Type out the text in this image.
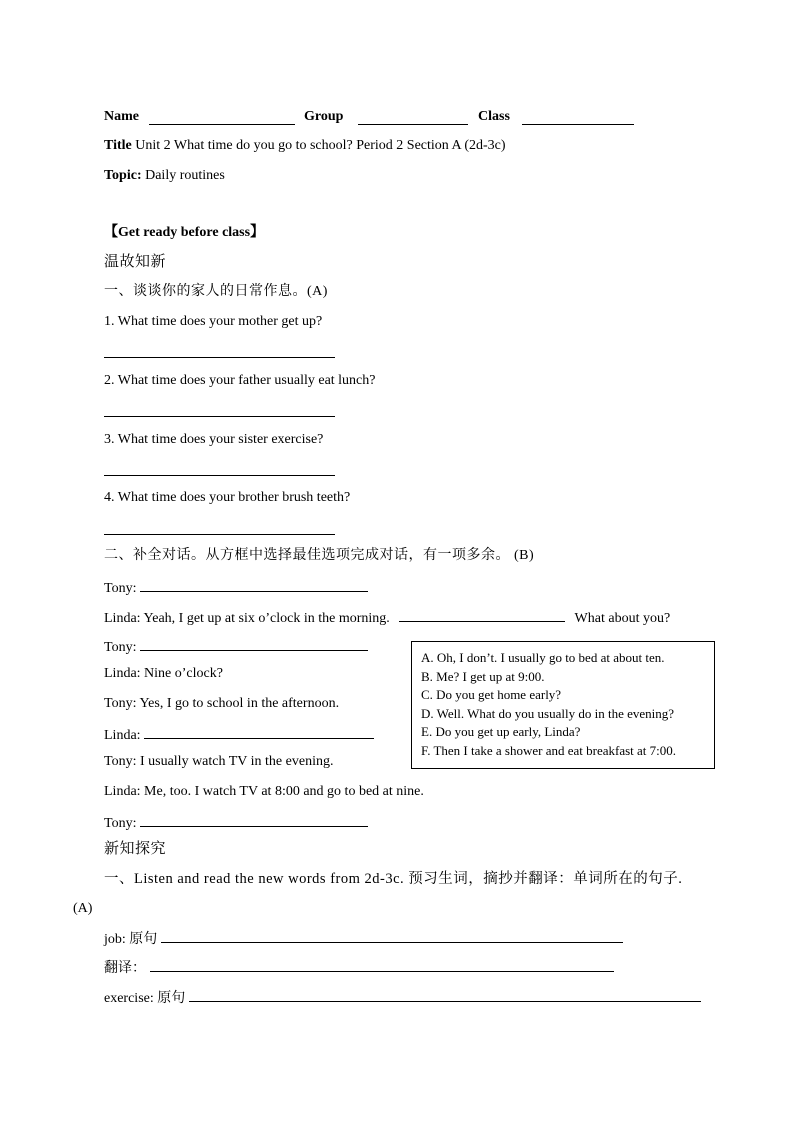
Name	Group	Class
Title Unit 2 What time do you go to school? Period 2 Section A (2d-3c)
Topic: Daily routines
【Get ready before class】
温故知新
一、谈谈你的家人的日常作息。(A)
1. What time does your mother get up?
2. What time does your father usually eat lunch?
3. What time does your sister exercise?
4. What time does your brother brush teeth?
二、补全对话。从方框中选择最佳选项完成对话，有一项多余。 (B)
Tony:
Linda: Yeah, I get up at six o’clock in the morning.	What about you?
Tony:
Linda: Nine o’clock?
Tony: Yes, I go to school in the afternoon.
Linda:
Tony: I usually watch TV in the evening.
Linda: Me, too. I watch TV at 8:00 and go to bed at nine.
Tony:
A. Oh, I don’t. I usually go to bed at about ten.
B. Me? I get up at 9:00.
C. Do you get home early?
D. Well. What do you usually do in the evening?
E. Do you get up early, Linda?
F. Then I take a shower and eat breakfast at 7:00.
新知探究
一、Listen and read the new words from 2d-3c. 预习生词，摘抄并翻译：单词所在的句子.
(A)
job: 原句
翻译：
exercise: 原句
